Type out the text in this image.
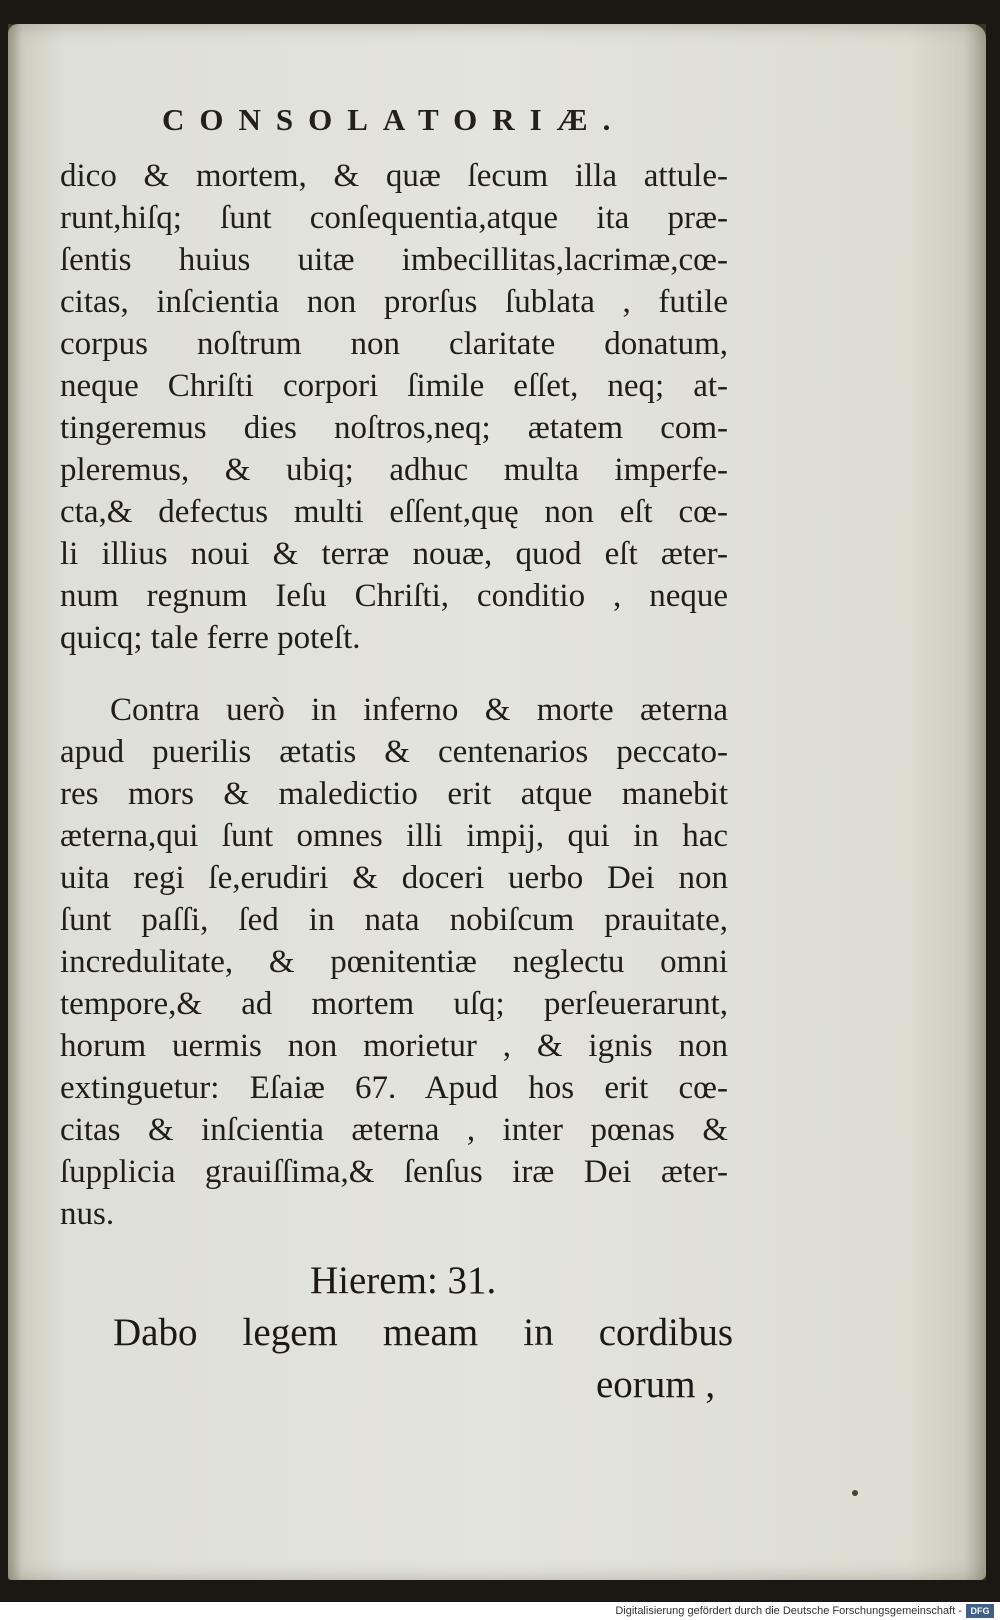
CONSOLATORIÆ.
dico & mortem, & quæ ſecum illa attule-
runt,hiſq; ſunt conſequentia,atque ita præ-
ſentis huius uitæ imbecillitas,lacrimæ,cœ-
citas, inſcientia non prorſus ſublata , futile
corpus noſtrum non claritate donatum,
neque Chriſti corpori ſimile eſſet, neq; at-
tingeremus dies noſtros,neq; ætatem com-
pleremus, & ubiq; adhuc multa imperfe-
cta,& defectus multi eſſent,quę non eſt cœ-
li illius noui & terræ nouæ, quod eſt æter-
num regnum Ieſu Chriſti, conditio , neque
quicq; tale ferre poteſt.
Contra uerò in inferno & morte æterna
apud puerilis ætatis & centenarios peccato-
res mors & maledictio erit atque manebit
æterna,qui ſunt omnes illi impij, qui in hac
uita regi ſe,erudiri & doceri uerbo Dei non
ſunt paſſi, ſed in nata nobiſcum prauitate,
incredulitate, & pœnitentiæ neglectu omni
tempore,& ad mortem uſq; perſeuerarunt,
horum uermis non morietur , & ignis non
extinguetur: Eſaiæ 67. Apud hos erit cœ-
citas & inſcientia æterna , inter pœnas &
ſupplicia grauiſſima,& ſenſus iræ Dei æter-
nus.
Hierem: 31.
Dabo legem meam in cordibus
eorum ,
Digitalisierung gefördert durch die Deutsche Forschungsgemeinschaft - DFG
